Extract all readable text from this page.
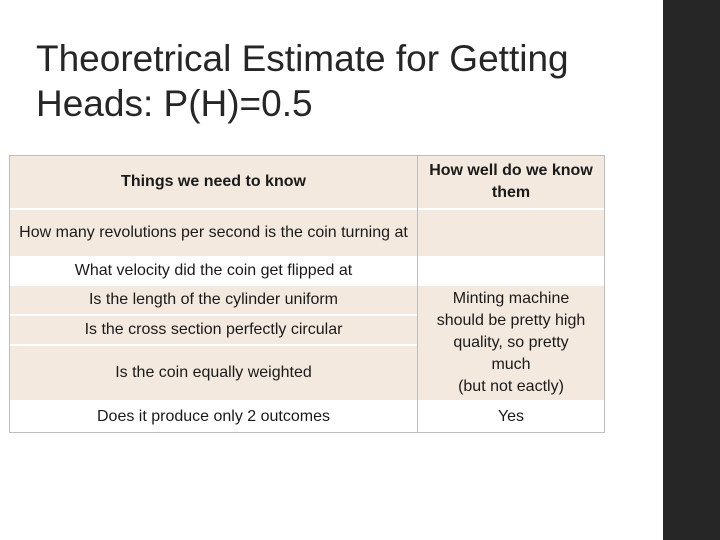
Theoretrical Estimate for Getting
Heads: P(H)=0.5
Things we need to know
How well do we know them
How many revolutions per second is the coin turning at
What velocity did the coin get flipped at
Is the length of the cylinder uniform
Is the cross section perfectly circular
Is the coin equally weighted
Minting machine
should be pretty high
quality, so pretty
much
(but not eactly)
Does it produce only 2 outcomes	Yes
